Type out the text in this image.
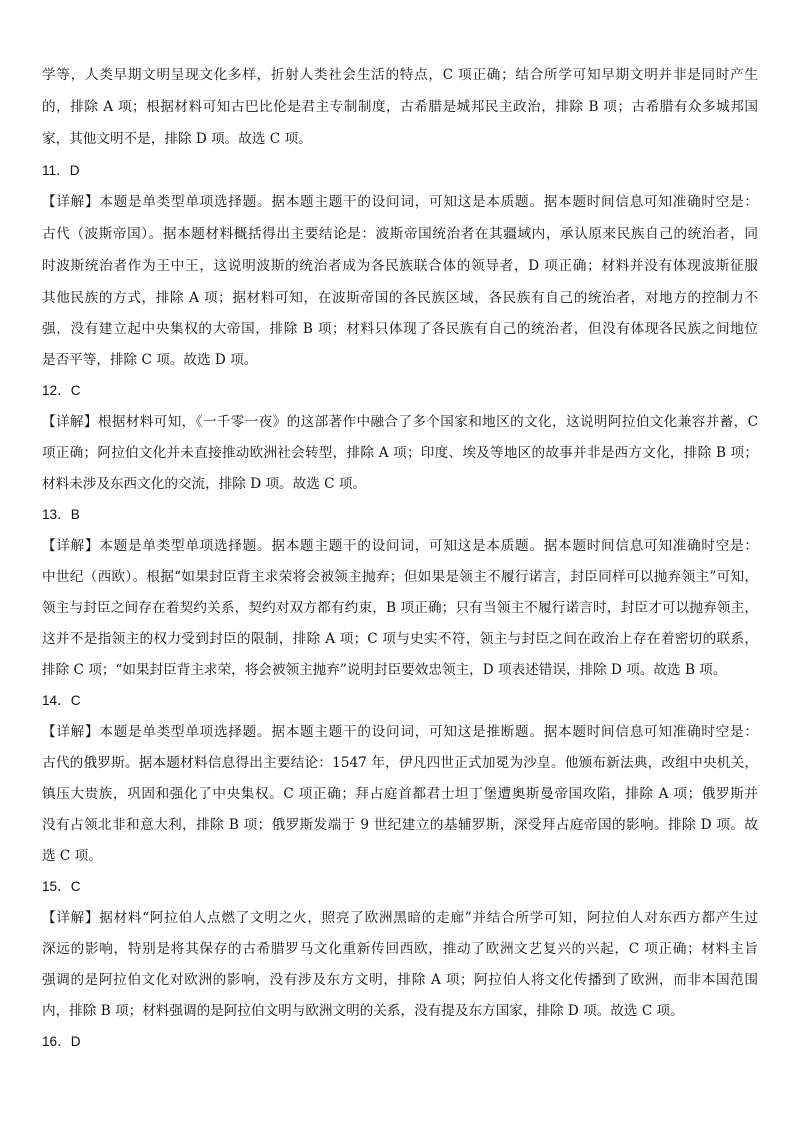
学等，人类早期文明呈现文化多样，折射人类社会生活的特点，C 项正确；结合所学可知早期文明并非是同时产生
的，排除 A 项；根据材料可知古巴比伦是君主专制制度，古希腊是城邦民主政治，排除 B 项；古希腊有众多城邦国
家，其他文明不是，排除 D 项。故选 C 项。
11．D
【详解】本题是单类型单项选择题。据本题主题干的设问词，可知这是本质题。据本题时间信息可知准确时空是：
古代（波斯帝国）。据本题材料概括得出主要结论是：波斯帝国统治者在其疆域内，承认原来民族自己的统治者，同
时波斯统治者作为王中王，这说明波斯的统治者成为各民族联合体的领导者，D 项正确；材料并没有体现波斯征服
其他民族的方式，排除 A 项；据材料可知，在波斯帝国的各民族区域，各民族有自己的统治者，对地方的控制力不
强，没有建立起中央集权的大帝国，排除 B 项；材料只体现了各民族有自己的统治者，但没有体现各民族之间地位
是否平等，排除 C 项。故选 D 项。
12．C
【详解】根据材料可知，《一千零一夜》的这部著作中融合了多个国家和地区的文化，这说明阿拉伯文化兼容并蓄，C
项正确；阿拉伯文化并未直接推动欧洲社会转型，排除 A 项；印度、埃及等地区的故事并非是西方文化，排除 B 项；
材料未涉及东西文化的交流，排除 D 项。故选 C 项。
13．B
【详解】本题是单类型单项选择题。据本题主题干的设问词，可知这是本质题。据本题时间信息可知准确时空是：
中世纪（西欧）。根据“如果封臣背主求荣将会被领主抛弃；但如果是领主不履行诺言，封臣同样可以抛弃领主”可知，
领主与封臣之间存在着契约关系，契约对双方都有约束，B 项正确；只有当领主不履行诺言时，封臣才可以抛弃领主，
这并不是指领主的权力受到封臣的限制，排除 A 项；C 项与史实不符，领主与封臣之间在政治上存在着密切的联系，
排除 C 项；“如果封臣背主求荣，将会被领主抛弃”说明封臣要效忠领主，D 项表述错误，排除 D 项。故选 B 项。
14．C
【详解】本题是单类型单项选择题。据本题主题干的设问词，可知这是推断题。据本题时间信息可知准确时空是：
古代的俄罗斯。据本题材料信息得出主要结论：1547 年，伊凡四世正式加冕为沙皇。他颁布新法典，改组中央机关，
镇压大贵族，巩固和强化了中央集权。C 项正确；拜占庭首都君士坦丁堡遭奥斯曼帝国攻陷，排除 A 项；俄罗斯并
没有占领北非和意大利，排除 B 项；俄罗斯发端于 9 世纪建立的基辅罗斯，深受拜占庭帝国的影响。排除 D 项。故
选 C 项。
15．C
【详解】据材料“阿拉伯人点燃了文明之火，照亮了欧洲黑暗的走廊”并结合所学可知，阿拉伯人对东西方都产生过
深远的影响，特别是将其保存的古希腊罗马文化重新传回西欧，推动了欧洲文艺复兴的兴起，C 项正确；材料主旨
强调的是阿拉伯文化对欧洲的影响，没有涉及东方文明，排除 A 项；阿拉伯人将文化传播到了欧洲，而非本国范围
内，排除 B 项；材料强调的是阿拉伯文明与欧洲文明的关系，没有提及东方国家，排除 D 项。故选 C 项。
16．D
